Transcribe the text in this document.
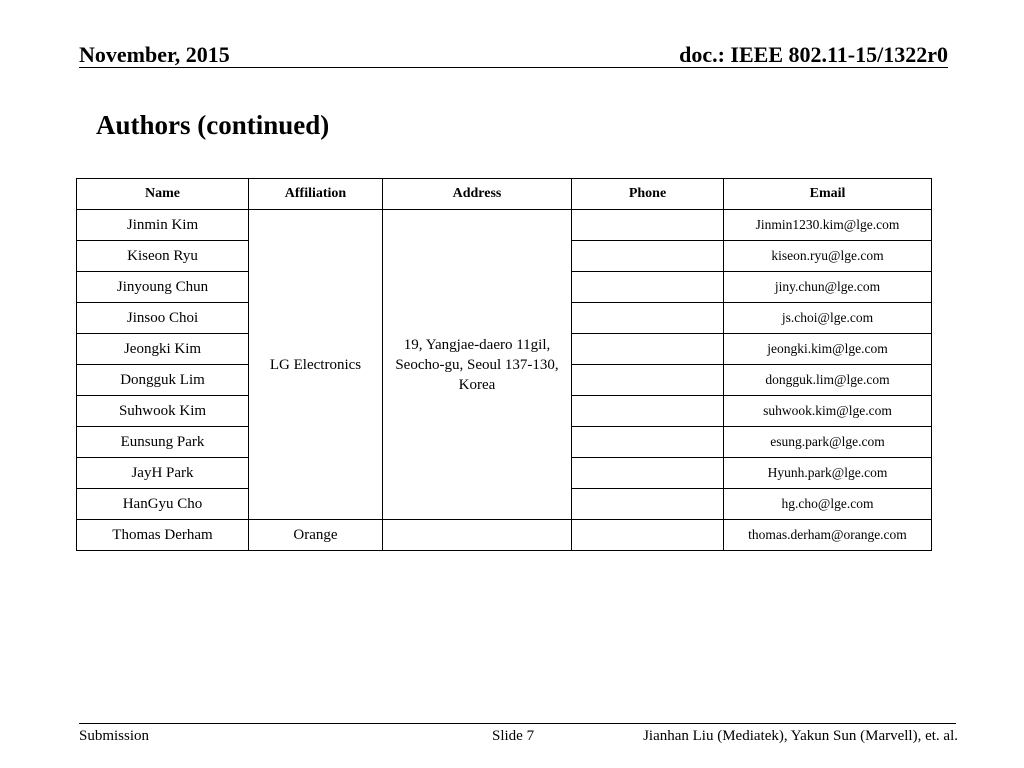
November, 2015	doc.: IEEE 802.11-15/1322r0
Authors (continued)
Name	Affiliation	Address	Phone	Email
Jinmin Kim	LG Electronics	19, Yangjae-daero 11gil, Seocho-gu, Seoul 137-130, Korea		Jinmin1230.kim@lge.com
Kiseon Ryu				kiseon.ryu@lge.com
Jinyoung Chun				jiny.chun@lge.com
Jinsoo Choi				js.choi@lge.com
Jeongki Kim				jeongki.kim@lge.com
Dongguk Lim				dongguk.lim@lge.com
Suhwook Kim				suhwook.kim@lge.com
Eunsung Park				esung.park@lge.com
JayH Park				Hyunh.park@lge.com
HanGyu Cho				hg.cho@lge.com
Thomas Derham	Orange			thomas.derham@orange.com
Submission	Slide 7	Jianhan Liu (Mediatek), Yakun Sun (Marvell), et. al.
